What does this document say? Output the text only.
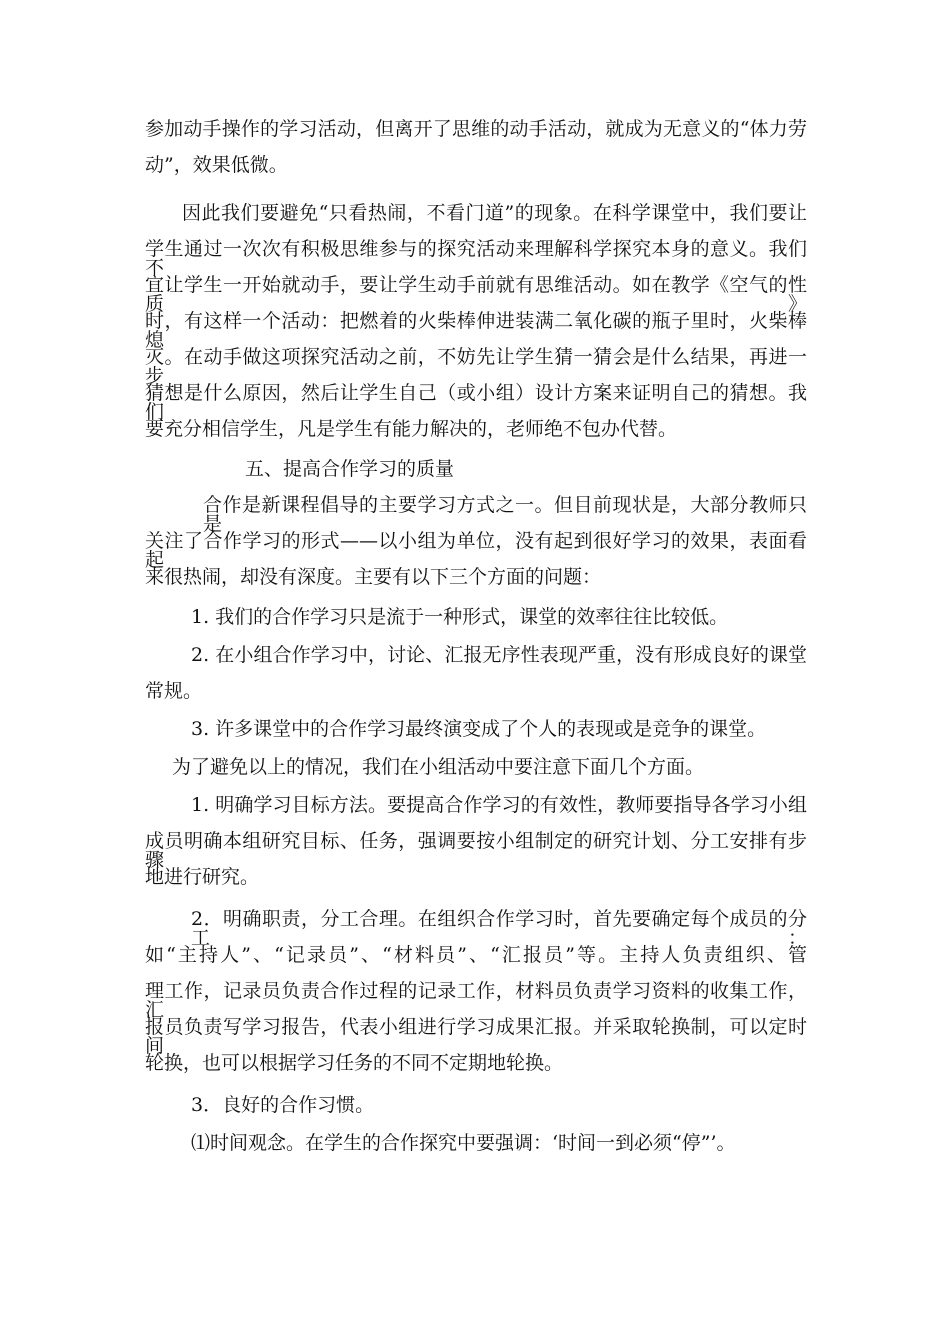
参加动手操作的学习活动，但离开了思维的动手活动，就成为无意义的“体力劳
动”，效果低微。
因此我们要避免“只看热闹，不看门道”的现象。在科学课堂中，我们要让
学生通过一次次有积极思维参与的探究活动来理解科学探究本身的意义。我们不
宜让学生一开始就动手，要让学生动手前就有思维活动。如在教学《空气的性质》
时，有这样一个活动：把燃着的火柴棒伸进装满二氧化碳的瓶子里时，火柴棒熄
灭。在动手做这项探究活动之前，不妨先让学生猜一猜会是什么结果，再进一步
猜想是什么原因，然后让学生自己（或小组）设计方案来证明自己的猜想。我们
要充分相信学生，凡是学生有能力解决的，老师绝不包办代替。
五、提高合作学习的质量
合作是新课程倡导的主要学习方式之一。但目前现状是，大部分教师只是
关注了合作学习的形式——以小组为单位，没有起到很好学习的效果，表面看起
来很热闹，却没有深度。主要有以下三个方面的问题：
1. 我们的合作学习只是流于一种形式，课堂的效率往往比较低。
2. 在小组合作学习中，讨论、汇报无序性表现严重，没有形成良好的课堂
常规。
3. 许多课堂中的合作学习最终演变成了个人的表现或是竞争的课堂。
为了避免以上的情况，我们在小组活动中要注意下面几个方面。
1. 明确学习目标方法。要提高合作学习的有效性，教师要指导各学习小组
成员明确本组研究目标、任务，强调要按小组制定的研究计划、分工安排有步骤
地进行研究。
2．明确职责，分工合理。在组织合作学习时，首先要确定每个成员的分工：
如“主持人”、“记录员”、“材料员”、“汇报员”等。主持人负责组织、管
理工作，记录员负责合作过程的记录工作，材料员负责学习资料的收集工作，汇
报员负责写学习报告，代表小组进行学习成果汇报。并采取轮换制，可以定时间
轮换，也可以根据学习任务的不同不定期地轮换。
3．良好的合作习惯。
⑴时间观念。在学生的合作探究中要强调：‘时间一到必须“停”’。
